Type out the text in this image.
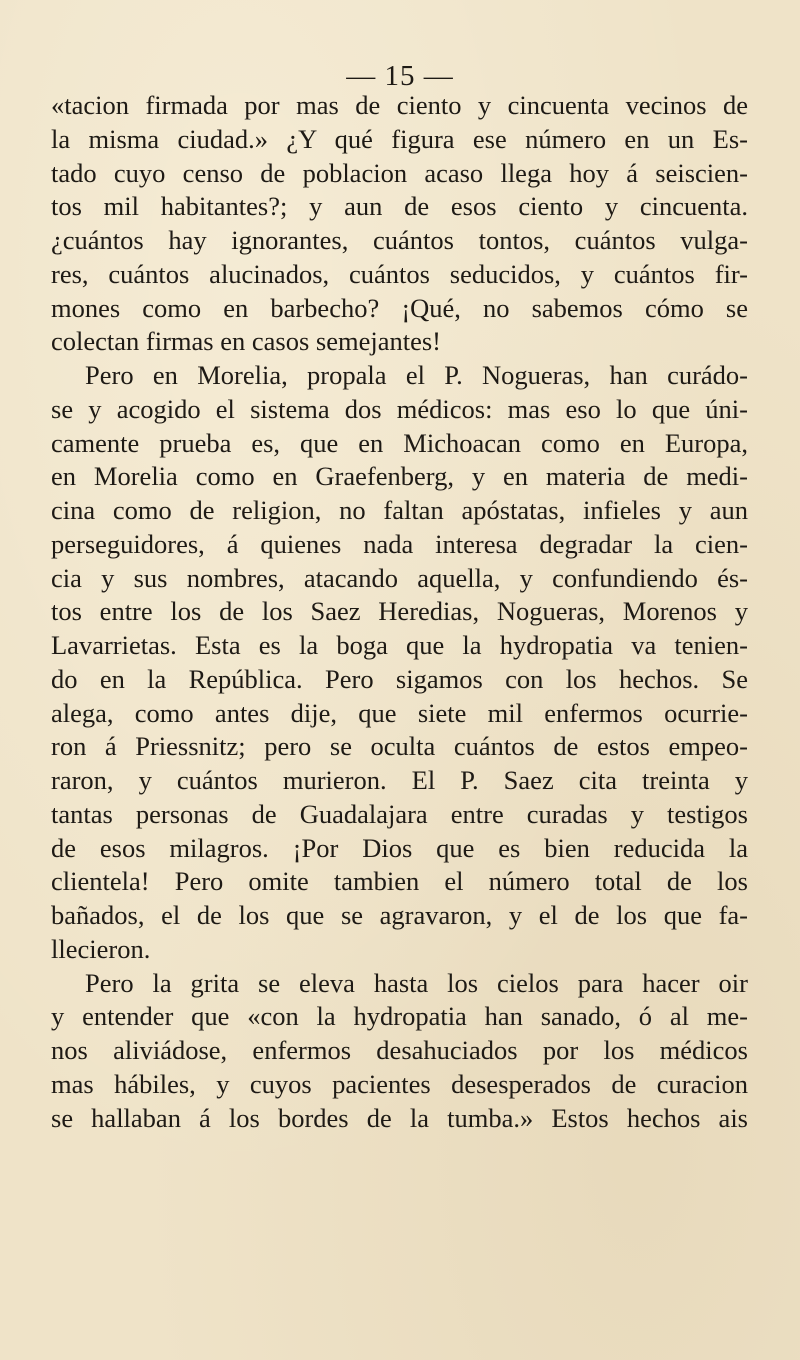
— 15 —
«tacion firmada por mas de ciento y cincuenta vecinos de
la misma ciudad.» ¿Y qué figura ese número en un Es-
tado cuyo censo de poblacion acaso llega hoy á seiscien-
tos mil habitantes?; y aun de esos ciento y cincuenta.
¿cuántos hay ignorantes, cuántos tontos, cuántos vulga-
res, cuántos alucinados, cuántos seducidos, y cuántos fir-
mones como en barbecho? ¡Qué, no sabemos cómo se
colectan firmas en casos semejantes!
Pero en Morelia, propala el P. Nogueras, han curádo-
se y acogido el sistema dos médicos: mas eso lo que úni-
camente prueba es, que en Michoacan como en Europa,
en Morelia como en Graefenberg, y en materia de medi-
cina como de religion, no faltan apóstatas, infieles y aun
perseguidores, á quienes nada interesa degradar la cien-
cia y sus nombres, atacando aquella, y confundiendo és-
tos entre los de los Saez Heredias, Nogueras, Morenos y
Lavarrietas. Esta es la boga que la hydropatia va tenien-
do en la República. Pero sigamos con los hechos. Se
alega, como antes dije, que siete mil enfermos ocurrie-
ron á Priessnitz; pero se oculta cuántos de estos empeo-
raron, y cuántos murieron. El P. Saez cita treinta y
tantas personas de Guadalajara entre curadas y testigos
de esos milagros. ¡Por Dios que es bien reducida la
clientela! Pero omite tambien el número total de los
bañados, el de los que se agravaron, y el de los que fa-
llecieron.
Pero la grita se eleva hasta los cielos para hacer oir
y entender que «con la hydropatia han sanado, ó al me-
nos aliviádose, enfermos desahuciados por los médicos
mas hábiles, y cuyos pacientes desesperados de curacion
se hallaban á los bordes de la tumba.» Estos hechos ais
